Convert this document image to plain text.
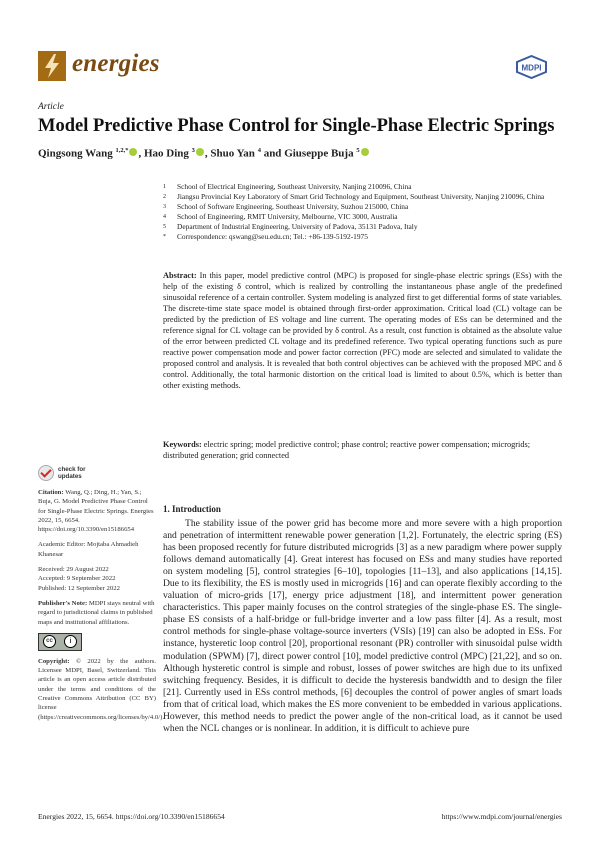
energies	MDPI
Article
Model Predictive Phase Control for Single-Phase Electric Springs
Qingsong Wang $^{1,2,*}$ , Hao Ding $^3$ , Shuo Yan $^4$ and Giuseppe Buja $^5$
1	School of Electrical Engineering, Southeast University, Nanjing 210096, China
2	Jiangsu Provincial Key Laboratory of Smart Grid Technology and Equipment, Southeast University, Nanjing 210096, China
3	School of Software Engineering, Southeast University, Suzhou 215000, China
4	School of Engineering, RMIT University, Melbourne, VIC 3000, Australia
5	Department of Industrial Engineering, University of Padova, 35131 Padova, Italy
*	Correspondence: qswang@seu.edu.cn; Tel.: +86-139-5192-1975
Abstract: In this paper, model predictive control (MPC) is proposed for single-phase electric springs (ESs) with the help of the existing δ control, which is realized by controlling the instantaneous phase angle of the predefined sinusoidal reference of a certain controller. System modeling is analyzed first to get differential forms of state variables. The discrete-time state space model is obtained through first-order approximation. Critical load (CL) voltage can be predicted by the prediction of ES voltage and line current. The operating modes of ESs can be determined and the reference signal for CL voltage can be provided by δ control. As a result, cost function is obtained as the absolute value of the error between predicted CL voltage and its predefined reference. Two typical operating functions such as pure reactive power compensation mode and power factor correction (PFC) mode are selected and simulated to validate the proposed control and analysis. It is revealed that both control objectives can be achieved with the proposed MPC and δ control. Additionally, the total harmonic distortion on the critical load is limited to about 0.5%, which is better than other existing methods.
Keywords: electric spring; model predictive control; phase control; reactive power compensation; microgrids; distributed generation; grid connected
check for updates
Citation: Wang, Q.; Ding, H.; Yan, S.; Buja, G. Model Predictive Phase Control for Single-Phase Electric Springs. Energies 2022, 15, 6654. https://doi.org/10.3390/en15186654
Academic Editor: Mojtaba Ahmadieh Khanesar
Received: 29 August 2022
Accepted: 9 September 2022
Published: 12 September 2022
Publisher's Note: MDPI stays neutral with regard to jurisdictional claims in published maps and institutional affiliations.
cc	i
Copyright: © 2022 by the authors. Licensee MDPI, Basel, Switzerland. This article is an open access article distributed under the terms and conditions of the Creative Commons Attribution (CC BY) license (https://creativecommons.org/licenses/by/4.0/).
1. Introduction

The stability issue of the power grid has become more and more severe with a high proportion and penetration of intermittent renewable power generation [1,2]. Fortunately, the electric spring (ES) has been proposed recently for future distributed microgrids [3] as a new paradigm where power supply follows demand automatically [4]. Great interest has focused on ESs and many studies have reported on system modeling [5], control strategies [6–10], topologies [11–13], and also applications [14,15]. Due to its flexibility, the ES is mostly used in microgrids [16] and can operate flexibly according to the valuation of micro-grids [17], energy price adjustment [18], and intermittent power generation characteristics. This paper mainly focuses on the control strategies of the single-phase ES. The single-phase ES consists of a half-bridge or full-bridge inverter and a low pass filter [4]. As a result, most control methods for single-phase voltage-source inverters (VSIs) [19] can also be adopted in ESs. For instance, hysteretic loop control [20], proportional resonant (PR) controller with sinusoidal pulse width modulation (SPWM) [7], direct power control [10], model predictive control (MPC) [21,22], and so on. Although hysteretic control is simple and robust, losses of power switches are high due to its unfixed switching frequency. Besides, it is difficult to decide the hysteresis bandwidth and to design the filer [21]. Currently used in ESs control methods, [6] decouples the control of power angles of smart loads from that of critical load, which makes the ES more convenient to be embedded in various applications. However, this method needs to predict the power angle of the non-critical load, as it cannot be used when the NCL changes or is nonlinear. In addition, it is difficult to achieve pure

Energies 2022, 15, 6654. https://doi.org/10.3390/en15186654	https://www.mdpi.com/journal/energies
